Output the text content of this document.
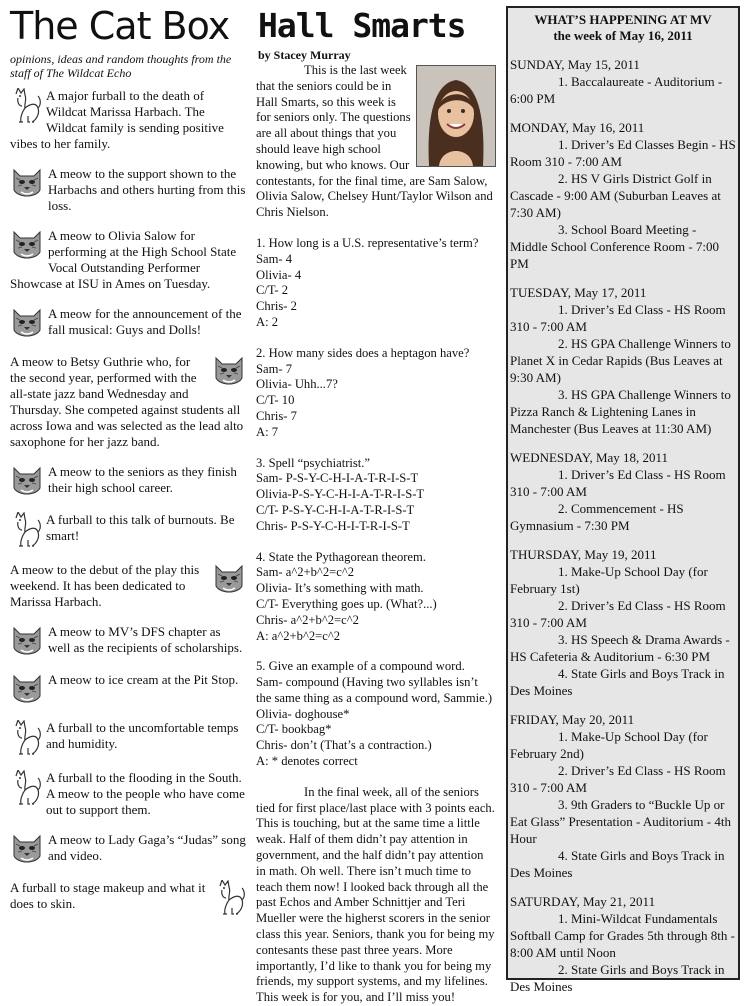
The Cat Box
opinions, ideas and random thoughts from the staff of The Wildcat Echo
A major furball to the death of Wildcat Marissa Harbach. The Wildcat family is sending positive vibes to her family.
A meow to the support shown to the Harbachs and others hurting from this loss.
A meow to Olivia Salow for performing at the High School State Vocal Outstanding Performer Showcase at ISU in Ames on Tuesday.
A meow for the announcement of the fall musical: Guys and Dolls!
A meow to Betsy Guthrie who, for the second year, performed with the all-state jazz band Wednesday and Thursday. She competed against students all across Iowa and was selected as the lead alto saxophone for her jazz band.
A meow to the seniors as they finish their high school career.
A furball to this talk of burnouts. Be smart!
A meow to the debut of the play this weekend. It has been dedicated to Marissa Harbach.
A meow to MV’s DFS chapter as well as the recipients of scholarships.
A meow to ice cream at the Pit Stop.
A furball to the uncomfortable temps and humidity.
A furball to the flooding in the South. A meow to the people who have come out to support them.
A meow to Lady Gaga’s “Judas” song and video.
A furball to stage makeup and what it does to skin.
Hall Smarts
by Stacey Murray

This is the last week that the seniors could be in Hall Smarts, so this week is for seniors only. The questions are all about things that you should leave high school knowing, but who knows. Our contestants, for the final time, are Sam Salow, Olivia Salow, Chelsey Hunt/Taylor Wilson and Chris Nielson.

1. How long is a U.S. representative’s term?

Sam- 4

Olivia- 4

C/T- 2

Chris- 2

A: 2

2. How many sides does a heptagon have?

Sam- 7

Olivia- Uhh...7?

C/T- 10

Chris- 7

A: 7

3. Spell “psychiatrist.”

Sam- P-S-Y-C-H-I-A-T-R-I-S-T

Olivia-P-S-Y-C-H-I-A-T-R-I-S-T

C/T- P-S-Y-C-H-I-A-T-R-I-S-T

Chris- P-S-Y-C-H-I-T-R-I-S-T

4. State the Pythagorean theorem.

Sam- a^2+b^2=c^2

Olivia- It’s something with math.

C/T- Everything goes up. (What?...)

Chris- a^2+b^2=c^2

A: a^2+b^2=c^2

5. Give an example of a compound word.

Sam- compound (Having two syllables isn’t the same thing as a compound word, Sammie.)

Olivia- doghouse*

C/T- bookbag*

Chris- don’t (That’s a contraction.)

A: * denotes correct

In the final week, all of the seniors tied for first place/last place with 3 points each. This is touching, but at the same time a little weak. Half of them didn’t pay attention in government, and the half didn’t pay attention in math. Oh well. There isn’t much time to teach them now! I looked back through all the past Echos and Amber Schnittjer and Teri Mueller were the higherst scorers in the senior class this year. Seniors, thank you for being my contesants these past three years. More importantly, I’d like to thank you for being my friends, my support systems, and my lifelines. This week is for you, and I’ll miss you!

WHAT’S HAPPENING AT MV
the week of May 16, 2011
SUNDAY, May 15, 2011
1. Baccalaureate - Auditorium - 6:00 PM
MONDAY, May 16, 2011
1. Driver’s Ed Classes Begin - HS Room 310 - 7:00 AM
2. HS V Girls District Golf in Cascade - 9:00 AM (Suburban Leaves at 7:30 AM)
3. School Board Meeting - Middle School Conference Room - 7:00 PM
TUESDAY, May 17, 2011
1. Driver’s Ed Class - HS Room 310 - 7:00 AM
2. HS GPA Challenge Winners to Planet X in Cedar Rapids (Bus Leaves at 9:30 AM)
3. HS GPA Challenge Winners to Pizza Ranch & Lightening Lanes in Manchester (Bus Leaves at 11:30 AM)
WEDNESDAY, May 18, 2011
1. Driver’s Ed Class - HS Room 310 - 7:00 AM
2. Commencement - HS Gymnasium - 7:30 PM
THURSDAY, May 19, 2011
1. Make-Up School Day (for February 1st)
2. Driver’s Ed Class - HS Room 310 - 7:00 AM
3. HS Speech & Drama Awards - HS Cafeteria & Auditorium - 6:30 PM
4. State Girls and Boys Track in Des Moines
FRIDAY, May 20, 2011
1. Make-Up School Day (for February 2nd)
2. Driver’s Ed Class - HS Room 310 - 7:00 AM
3. 9th Graders to “Buckle Up or Eat Glass” Presentation - Auditorium - 4th Hour
4. State Girls and Boys Track in Des Moines
SATURDAY, May 21, 2011
1. Mini-Wildcat Fundamentals Softball Camp for Grades 5th through 8th - 8:00 AM until Noon
2. State Girls and Boys Track in Des Moines
